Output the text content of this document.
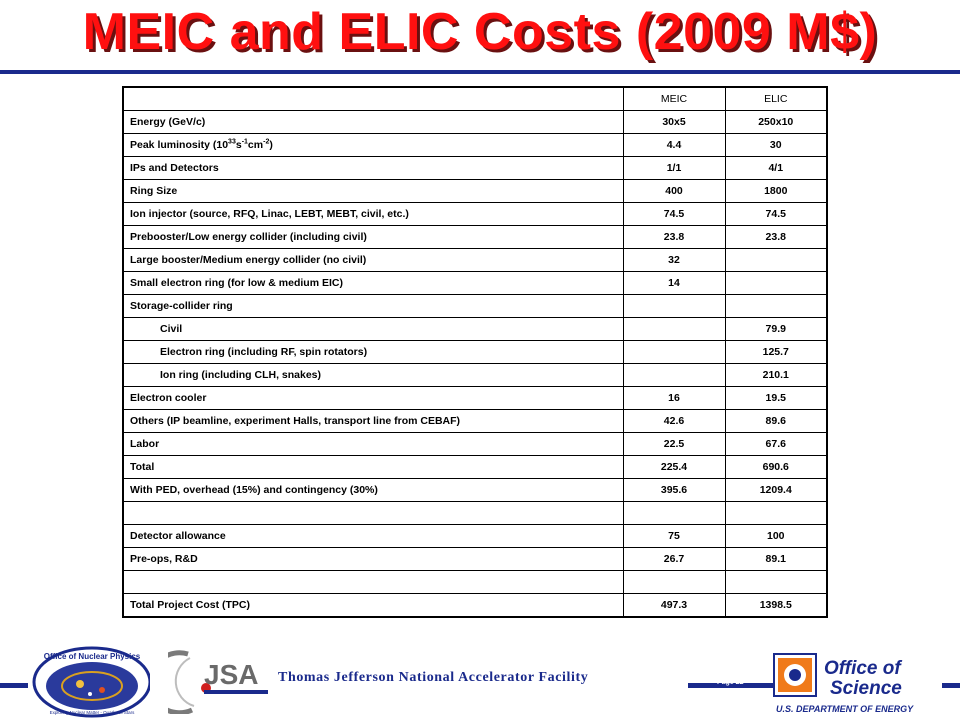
MEIC and ELIC Costs (2009 M$)
	MEIC	ELIC
Energy (GeV/c)	30x5	250x10
Peak luminosity $(10^{33}s^{-1}cm^{-2})$	4.4	30
IPs and Detectors	1/1	4/1
Ring Size	400	1800
Ion injector (source, RFQ, Linac, LEBT, MEBT, civil, etc.)	74.5	74.5
Prebooster/Low energy collider (including civil)	23.8	23.8
Large booster/Medium energy collider (no civil)	32	
Small electron ring (for low & medium EIC)	14	
Storage-collider ring		
Civil		79.9
Electron ring (including RF, spin rotators)		125.7
Ion ring (including CLH, snakes)		210.1
Electron cooler	16	19.5
Others (IP beamline, experiment Halls, transport line from CEBAF)	42.6	89.6
Labor	22.5	67.6
Total	225.4	690.6
With PED, overhead (15%) and contingency (30%)	395.6	1209.4

Detector allowance	75	100
Pre-ops, R&D	26.7	89.1

Total Project Cost (TPC)	497.3	1398.5
Office of Nuclear Physics
Exploring Nuclear Matter - Quarks to Stars
JSA Thomas Jefferson National Accelerator Facility	Page 22
Office of
Science
U.S. DEPARTMENT OF ENERGY
